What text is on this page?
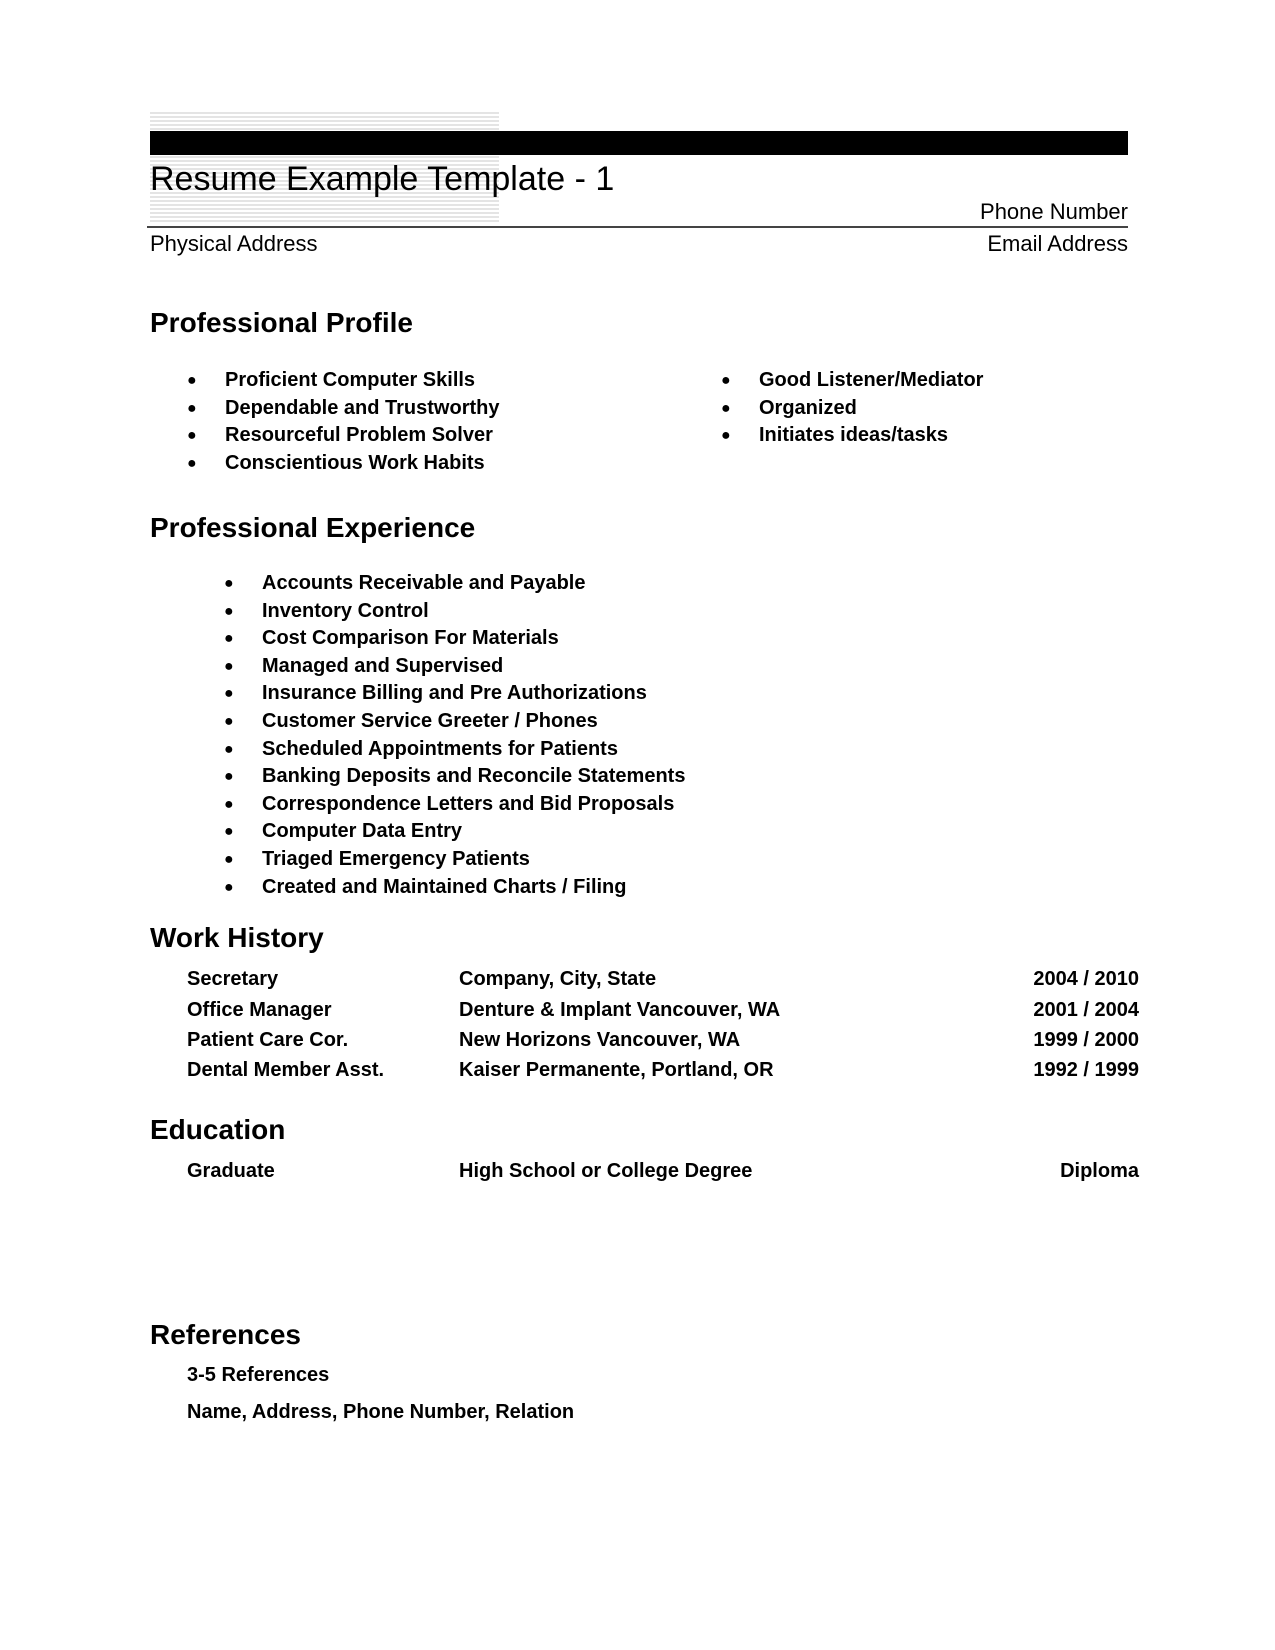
Resume Example Template - 1
Phone Number
Physical Address	Email Address
Professional Profile
● Proficient Computer Skills
● Dependable and Trustworthy
● Resourceful Problem Solver
● Conscientious Work Habits
● Good Listener/Mediator
● Organized
● Initiates ideas/tasks
Professional Experience
● Accounts Receivable and Payable
● Inventory Control
● Cost Comparison For Materials
● Managed and Supervised
● Insurance Billing and Pre Authorizations
● Customer Service Greeter / Phones
● Scheduled Appointments for Patients
● Banking Deposits and Reconcile Statements
● Correspondence Letters and Bid Proposals
● Computer Data Entry
● Triaged Emergency Patients
● Created and Maintained Charts / Filing
Work History
Secretary	Company, City, State	2004 / 2010
Office Manager	Denture & Implant Vancouver, WA	2001 / 2004
Patient Care Cor.	New Horizons Vancouver, WA	1999 / 2000
Dental Member Asst.	Kaiser Permanente, Portland, OR	1992 / 1999
Education
Graduate	High School or College Degree	Diploma
References
3-5 References
Name, Address, Phone Number, Relation
